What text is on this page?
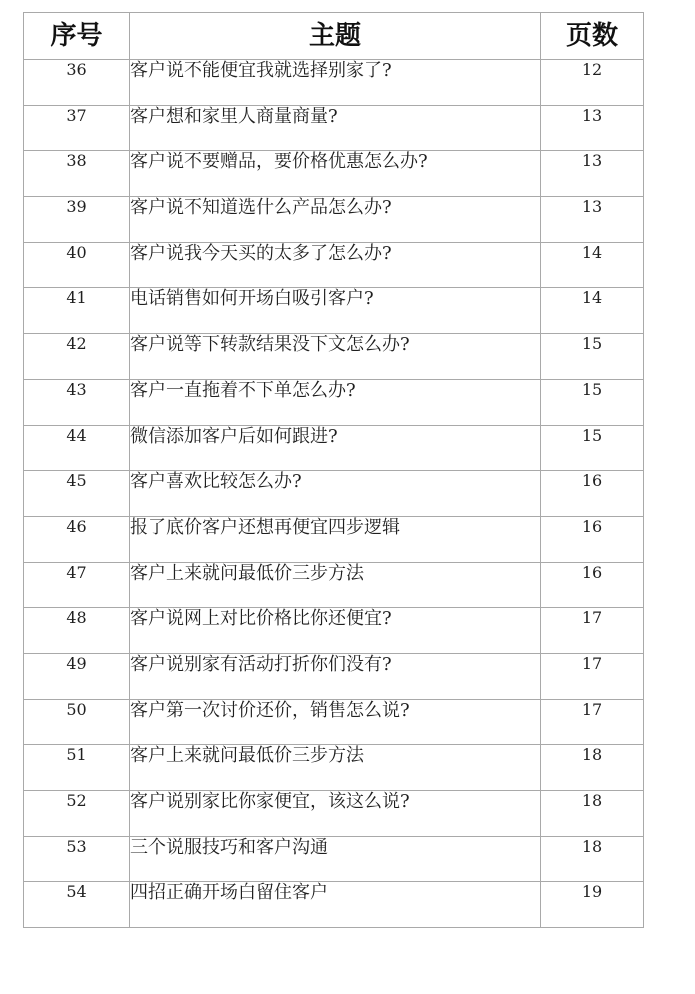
序号	主题	页数
36	客户说不能便宜我就选择别家了?	12
37	客户想和家里人商量商量?	13
38	客户说不要赠品，要价格优惠怎么办?	13
39	客户说不知道选什么产品怎么办?	13
40	客户说我今天买的太多了怎么办?	14
41	电话销售如何开场白吸引客户?	14
42	客户说等下转款结果没下文怎么办?	15
43	客户一直拖着不下单怎么办?	15
44	微信添加客户后如何跟进?	15
45	客户喜欢比较怎么办?	16
46	报了底价客户还想再便宜四步逻辑	16
47	客户上来就问最低价三步方法	16
48	客户说网上对比价格比你还便宜?	17
49	客户说别家有活动打折你们没有?	17
50	客户第一次讨价还价，销售怎么说?	17
51	客户上来就问最低价三步方法	18
52	客户说别家比你家便宜，该这么说?	18
53	三个说服技巧和客户沟通	18
54	四招正确开场白留住客户	19
